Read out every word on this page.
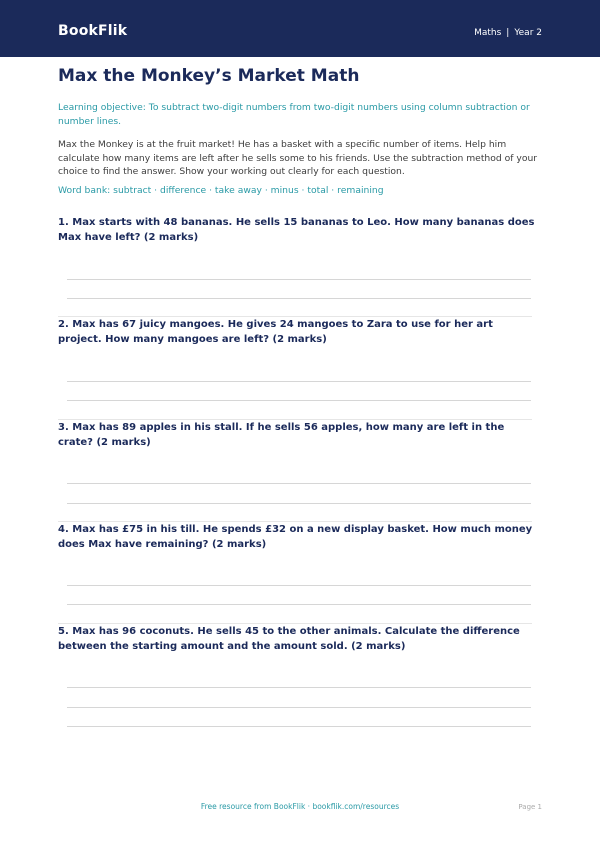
BookFlik	Maths | Year 2
Max the Monkey’s Market Math
Learning objective: To subtract two-digit numbers from two-digit numbers using column subtraction or number lines.
Max the Monkey is at the fruit market! He has a basket with a specific number of items. Help him calculate how many items are left after he sells some to his friends. Use the subtraction method of your choice to find the answer. Show your working out clearly for each question.
Word bank: subtract · difference · take away · minus · total · remaining
1. Max starts with 48 bananas. He sells 15 bananas to Leo. How many bananas does Max have left? (2 marks)
2. Max has 67 juicy mangoes. He gives 24 mangoes to Zara to use for her art project. How many mangoes are left? (2 marks)
3. Max has 89 apples in his stall. If he sells 56 apples, how many are left in the crate? (2 marks)
4. Max has £75 in his till. He spends £32 on a new display basket. How much money does Max have remaining? (2 marks)
5. Max has 96 coconuts. He sells 45 to the other animals. Calculate the difference between the starting amount and the amount sold. (2 marks)
Free resource from BookFlik · bookflik.com/resources	Page 1
